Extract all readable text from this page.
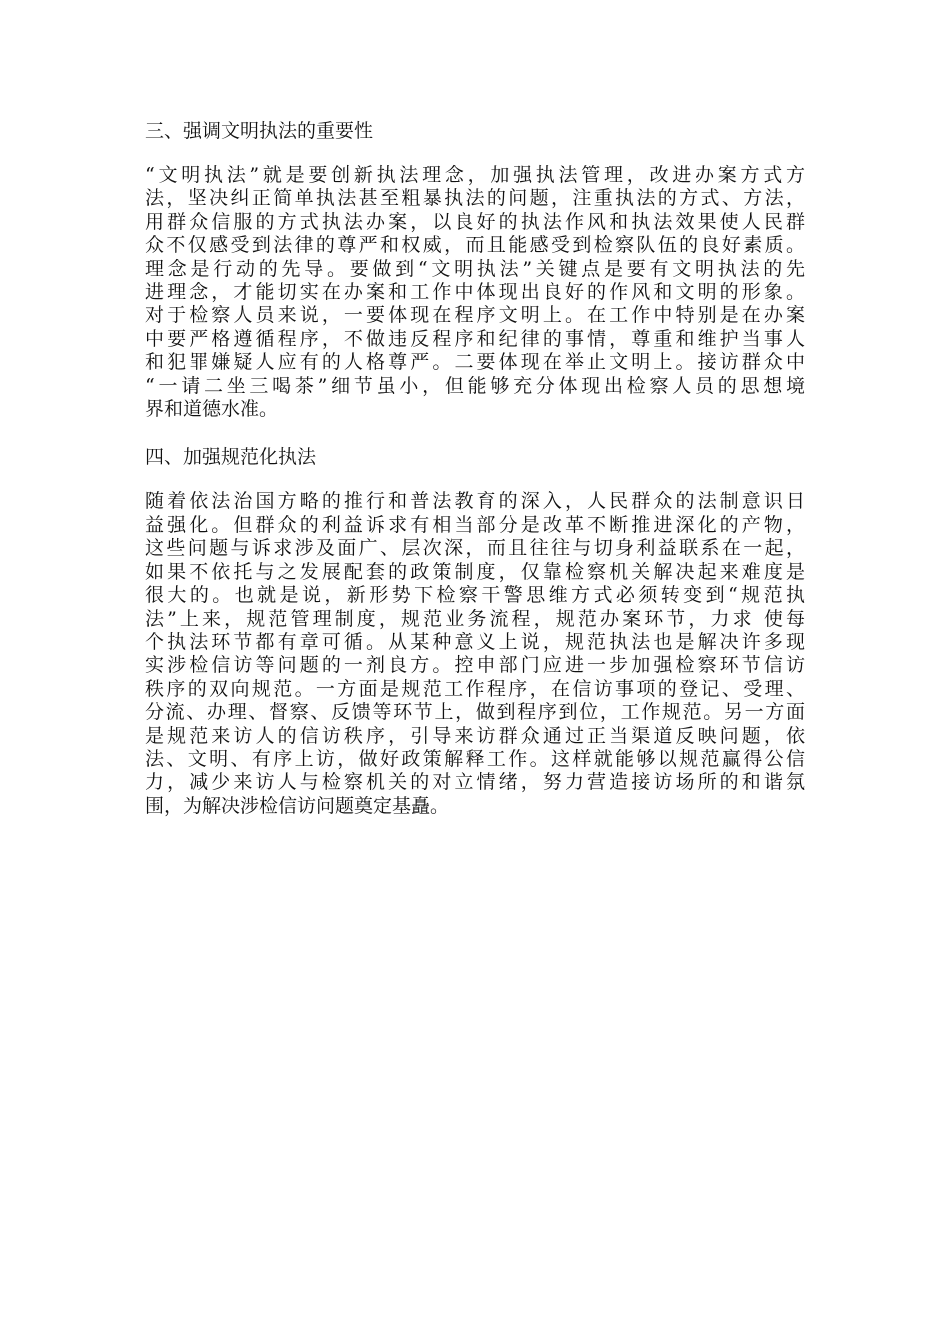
三、强调文明执法的重要性
“文明执法”就是要创新执法理念，加强执法管理，改进办案方式方
法，坚决纠正简单执法甚至粗暴执法的问题，注重执法的方式、方法，
用群众信服的方式执法办案，以良好的执法作风和执法效果使人民群
众不仅感受到法律的尊严和权威，而且能感受到检察队伍的良好素质。
理念是行动的先导。要做到“文明执法”关键点是要有文明执法的先
进理念，才能切实在办案和工作中体现出良好的作风和文明的形象。
对于检察人员来说，一要体现在程序文明上。在工作中特别是在办案
中要严格遵循程序，不做违反程序和纪律的事情，尊重和维护当事人
和犯罪嫌疑人应有的人格尊严。二要体现在举止文明上。接访群众中
“一请二坐三喝茶”细节虽小，但能够充分体现出检察人员的思想境
界和道德水准。
四、加强规范化执法
随着依法治国方略的推行和普法教育的深入，人民群众的法制意识日
益强化。但群众的利益诉求有相当部分是改革不断推进深化的产物，
这些问题与诉求涉及面广、层次深，而且往往与切身利益联系在一起，
如果不依托与之发展配套的政策制度，仅靠检察机关解决起来难度是
很大的。也就是说，新形势下检察干警思维方式必须转变到“规范执
法”上来，规范管理制度，规范业务流程，规范办案环节，力求 使每
个执法环节都有章可循。从某种意义上说，规范执法也是解决许多现
实涉检信访等问题的一剂良方。控申部门应进一步加强检察环节信访
秩序的双向规范。一方面是规范工作程序，在信访事项的登记、受理、
分流、办理、督察、反馈等环节上，做到程序到位，工作规范。另一方面
是规范来访人的信访秩序，引导来访群众通过正当渠道反映问题，依
法、文明、有序上访，做好政策解释工作。这样就能够以规范赢得公信
力，减少来访人与检察机关的对立情绪，努力营造接访场所的和谐氛
围，为解决涉检信访问题奠定基矗。
